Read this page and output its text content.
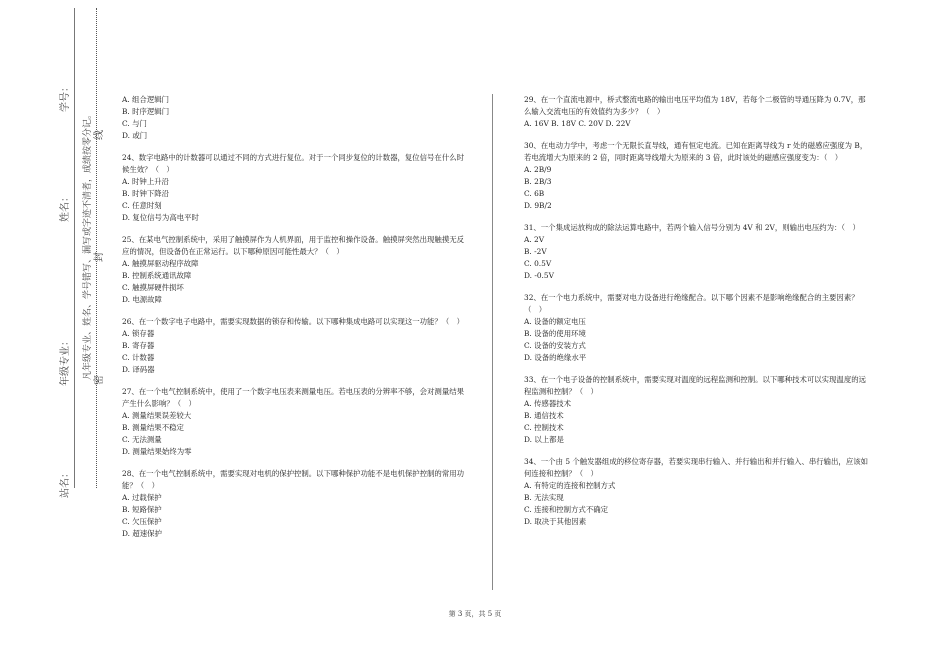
学号：
姓名：
年级专业：
站名：
凡年级专业、姓名、学号错写、漏写或字迹不清者，成绩按零分记。 线
封
密
A. 组合逻辑门
B. 时序逻辑门
C. 与门
D. 或门
24、数字电路中的计数器可以通过不同的方式进行复位。对于一个同步复位的计数器，复位信号在什么时候生效？（　）
A. 时钟上升沿
B. 时钟下降沿
C. 任意时刻
D. 复位信号为高电平时
25、在某电气控制系统中，采用了触摸屏作为人机界面，用于监控和操作设备。触摸屏突然出现触摸无反应的情况，但设备仍在正常运行。以下哪种原因可能性最大？（　）
A. 触摸屏驱动程序故障
B. 控制系统通讯故障
C. 触摸屏硬件损坏
D. 电源故障
26、在一个数字电子电路中，需要实现数据的锁存和传输。以下哪种集成电路可以实现这一功能？（　）
A. 锁存器
B. 寄存器
C. 计数器
D. 译码器
27、在一个电气控制系统中，使用了一个数字电压表来测量电压。若电压表的分辨率不够，会对测量结果产生什么影响？（　）
A. 测量结果误差较大
B. 测量结果不稳定
C. 无法测量
D. 测量结果始终为零
28、在一个电气控制系统中，需要实现对电机的保护控制。以下哪种保护功能不是电机保护控制的常用功能？（　）
A. 过载保护
B. 短路保护
C. 欠压保护
D. 超速保护
29、在一个直流电源中，桥式整流电路的输出电压平均值为 18V，若每个二极管的导通压降为 0.7V，那么输入交流电压的有效值约为多少？（　）
A. 16V B. 18V C. 20V D. 22V
30、在电动力学中，考虑一个无限长直导线，通有恒定电流。已知在距离导线为 r 处的磁感应强度为 B，若电流增大为原来的 2 倍，同时距离导线增大为原来的 3 倍，此时该处的磁感应强度变为：（　）
A. 2B/9
B. 2B/3
C. 6B
D. 9B/2
31、一个集成运放构成的除法运算电路中，若两个输入信号分别为 4V 和 2V，则输出电压约为：（　）
A. 2V
B. -2V
C. 0.5V
D. -0.5V
32、在一个电力系统中，需要对电力设备进行绝缘配合。以下哪个因素不是影响绝缘配合的主要因素？（　）
A. 设备的额定电压
B. 设备的使用环境
C. 设备的安装方式
D. 设备的绝缘水平
33、在一个电子设备的控制系统中，需要实现对温度的远程监测和控制。以下哪种技术可以实现温度的远程监测和控制？（　）
A. 传感器技术
B. 通信技术
C. 控制技术
D. 以上都是
34、一个由 5 个触发器组成的移位寄存器，若要实现串行输入、并行输出和并行输入、串行输出，应该如何连接和控制？（　）
A. 有特定的连接和控制方式
B. 无法实现
C. 连接和控制方式不确定
D. 取决于其他因素
第 3 页，共 5 页
